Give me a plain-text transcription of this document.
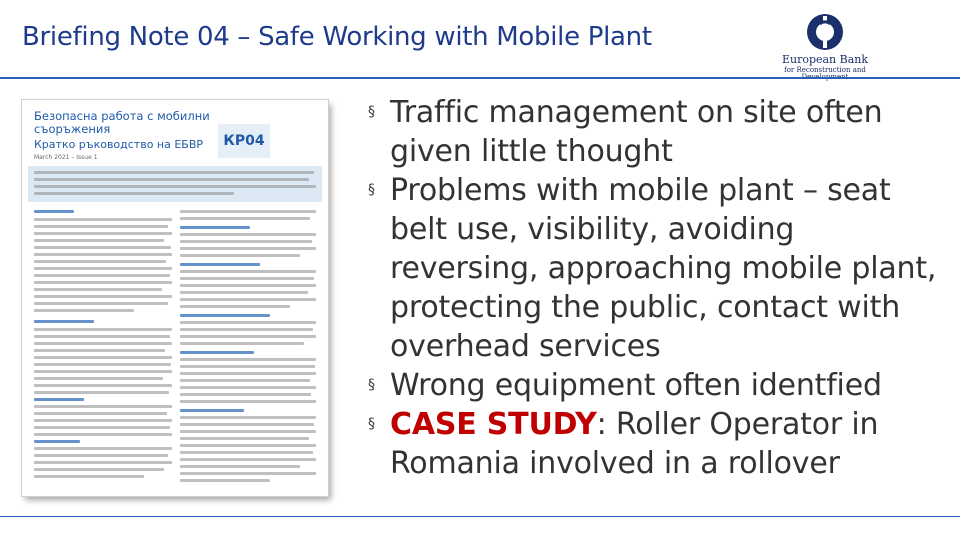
Briefing Note 04 – Safe Working with Mobile Plant
European Bank
for Reconstruction and
Безопасна работа с мобилни съоръжения
Кратко ръководство на ЕБВР
March 2021 – Issue 1
КР04
§ Traffic management on site often given little thought
§ Problems with mobile plant – seat belt use, visibility, avoiding reversing, approaching mobile plant, protecting the public, contact with overhead services
§ Wrong equipment often identfied
§ CASE STUDY: Roller Operator in Romania involved in a rollover
